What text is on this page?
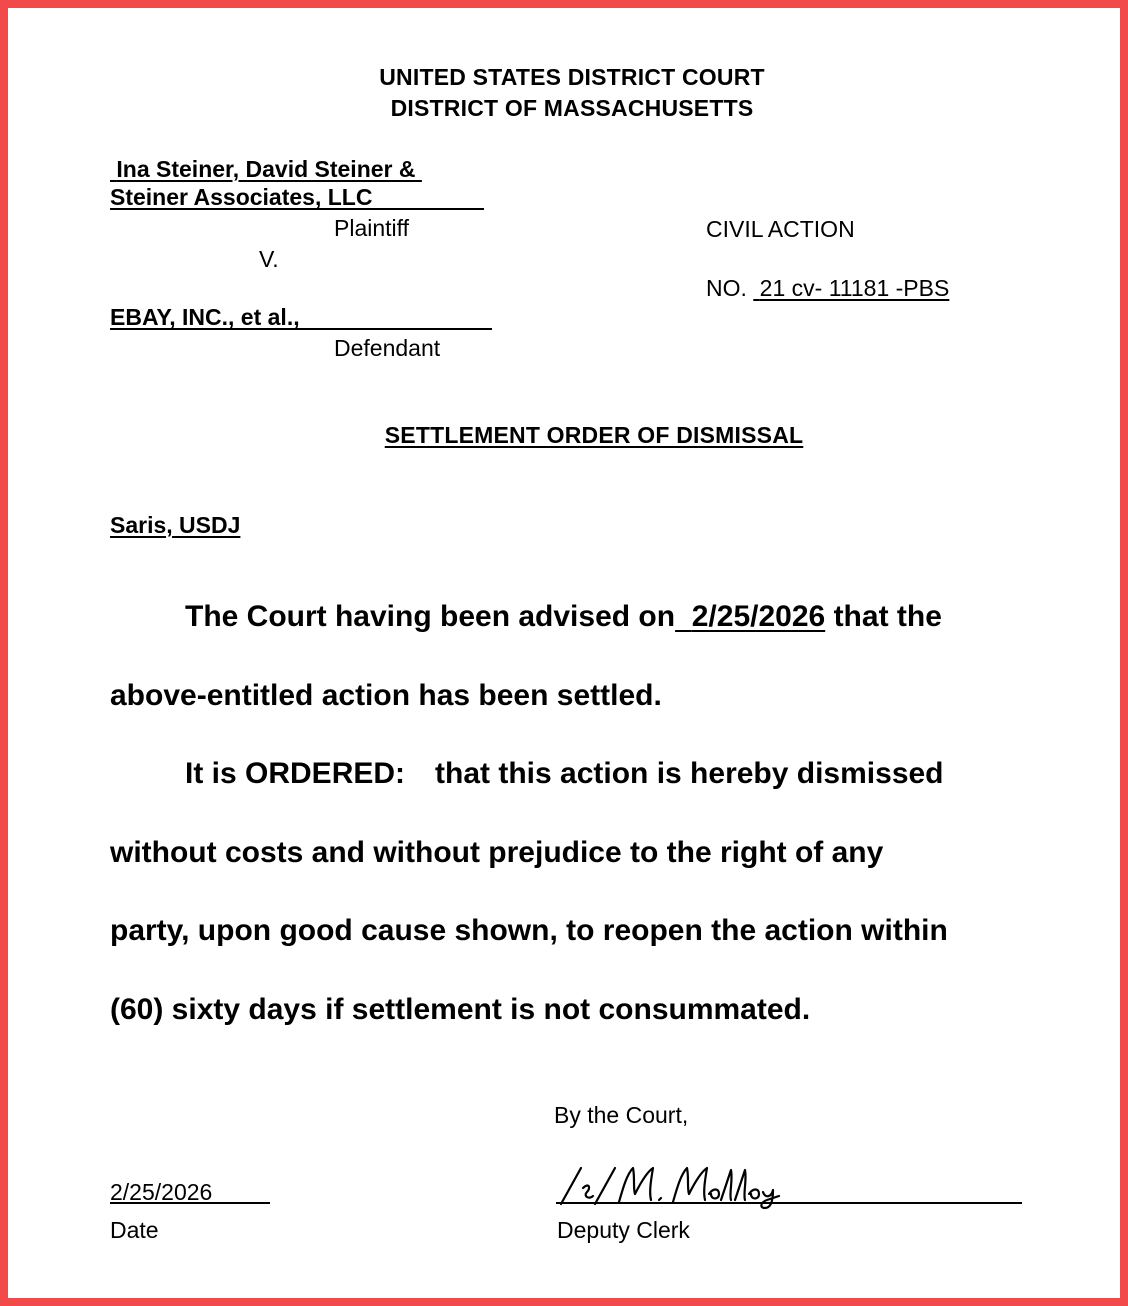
UNITED STATES DISTRICT COURT
DISTRICT OF MASSACHUSETTS
Ina Steiner, David Steiner &
Steiner Associates, LLC
Plaintiff
V.
EBAY, INC., et al.,
Defendant
CIVIL ACTION
NO. 21 cv- 11181 -PBS
SETTLEMENT ORDER OF DISMISSAL
Saris, USDJ
The Court having been advised on 2/25/2026 that the
above-entitled action has been settled.
It is ORDERED: that this action is hereby dismissed
without costs and without prejudice to the right of any
party, upon good cause shown, to reopen the action within
(60) sixty days if settlement is not consummated.
By the Court,
2/25/2026
Date	Deputy Clerk
